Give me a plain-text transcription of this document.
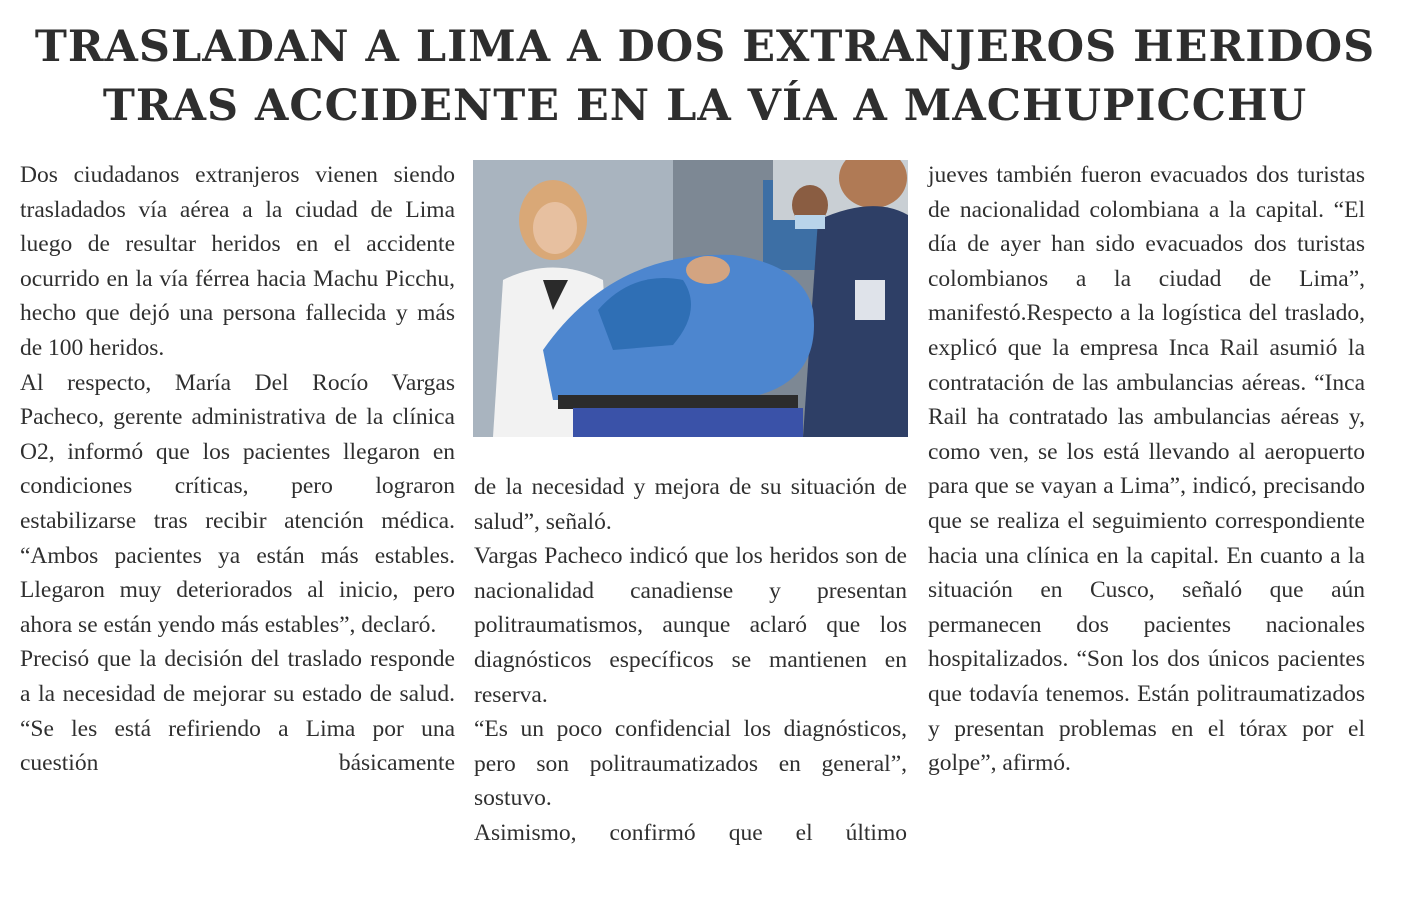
TRASLADAN A LIMA A DOS EXTRANJEROS HERIDOS
TRAS ACCIDENTE EN LA VÍA A MACHUPICCHU

Dos ciudadanos extranjeros vienen siendo trasladados vía aérea a la ciudad de Lima luego de resultar heridos en el accidente ocurrido en la vía férrea hacia Machu Picchu, hecho que dejó una persona fallecida y más de 100 heridos.

Al respecto, María Del Rocío Vargas Pacheco, gerente administrativa de la clínica O2, informó que los pacientes llegaron en condiciones críticas, pero lograron estabilizarse tras recibir atención médica. “Ambos pacientes ya están más estables. Llegaron muy deteriorados al inicio, pero ahora se están yendo más estables”, declaró.

Precisó que la decisión del traslado responde a la necesidad de mejorar su estado de salud. “Se les está refiriendo a Lima por una cuestión básicamente

de la necesidad y mejora de su situación de salud”, señaló.

Vargas Pacheco indicó que los heridos son de nacionalidad canadiense y presentan politraumatismos, aunque aclaró que los diagnósticos específicos se mantienen en reserva.

“Es un poco confidencial los diagnósticos, pero son politraumatizados en general”, sostuvo.

Asimismo, confirmó que el último

jueves también fueron evacuados dos turistas de nacionalidad colombiana a la capital. “El día de ayer han sido evacuados dos turistas colombianos a la ciudad de Lima”, manifestó.Respecto a la logística del traslado, explicó que la empresa Inca Rail asumió la contratación de las ambulancias aéreas. “Inca Rail ha contratado las ambulancias aéreas y, como ven, se los está llevando al aeropuerto para que se vayan a Lima”, indicó, precisando que se realiza el seguimiento correspondiente hacia una clínica en la capital. En cuanto a la situación en Cusco, señaló que aún permanecen dos pacientes nacionales hospitalizados. “Son los dos únicos pacientes que todavía tenemos. Están politraumatizados y presentan problemas en el tórax por el golpe”, afirmó.
